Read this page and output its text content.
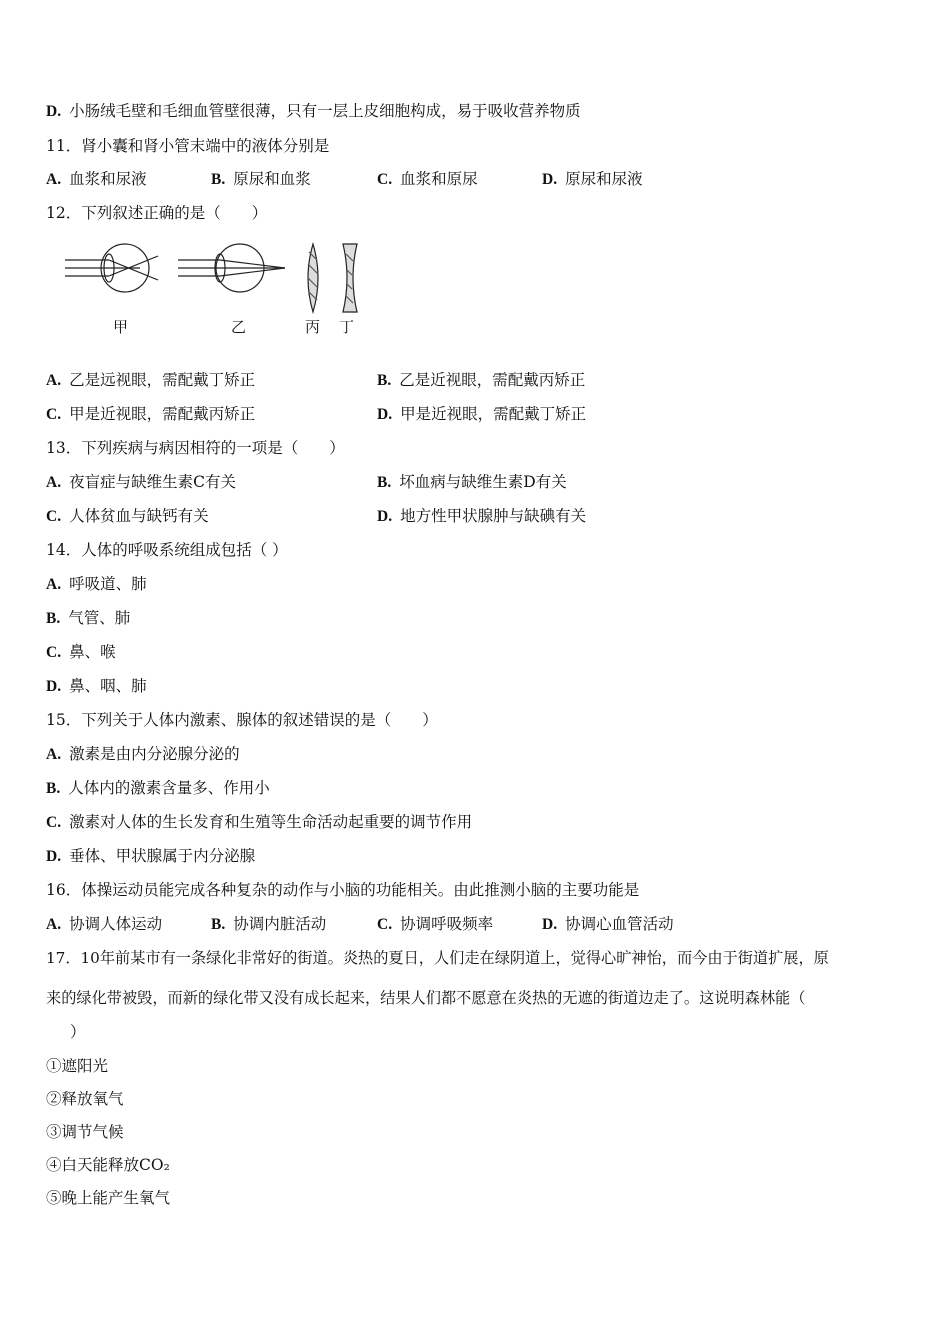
D. 小肠绒毛壁和毛细血管壁很薄，只有一层上皮细胞构成，易于吸收营养物质
11．肾小囊和肾小管末端中的液体分别是
A. 血浆和尿液	B. 原尿和血浆	C. 血浆和原尿	D. 原尿和尿液
12．下列叙述正确的是（　　）
甲	乙	丙 丁
A. 乙是远视眼，需配戴丁矫正	B. 乙是近视眼，需配戴丙矫正
C. 甲是近视眼，需配戴丙矫正	D. 甲是近视眼，需配戴丁矫正
13．下列疾病与病因相符的一项是（　　）
A. 夜盲症与缺维生素C有关	B. 坏血病与缺维生素D有关
C. 人体贫血与缺钙有关	D. 地方性甲状腺肿与缺碘有关
14．人体的呼吸系统组成包括（ ）
A. 呼吸道、肺
B. 气管、肺
C. 鼻、喉
D. 鼻、咽、肺
15．下列关于人体内激素、腺体的叙述错误的是（　　）
A. 激素是由内分泌腺分泌的
B. 人体内的激素含量多、作用小
C. 激素对人体的生长发育和生殖等生命活动起重要的调节作用
D. 垂体、甲状腺属于内分泌腺
16．体操运动员能完成各种复杂的动作与小脑的功能相关。由此推测小脑的主要功能是
A. 协调人体运动	B. 协调内脏活动	C. 协调呼吸频率	D. 协调心血管活动
17．10年前某市有一条绿化非常好的街道。炎热的夏日，人们走在绿阴道上，觉得心旷神怡，而今由于街道扩展，原
来的绿化带被毁，而新的绿化带又没有成长起来，结果人们都不愿意在炎热的无遮的街道边走了。这说明森林能（
）
①遮阳光
②释放氧气
③调节气候
④白天能释放CO₂
⑤晚上能产生氧气
